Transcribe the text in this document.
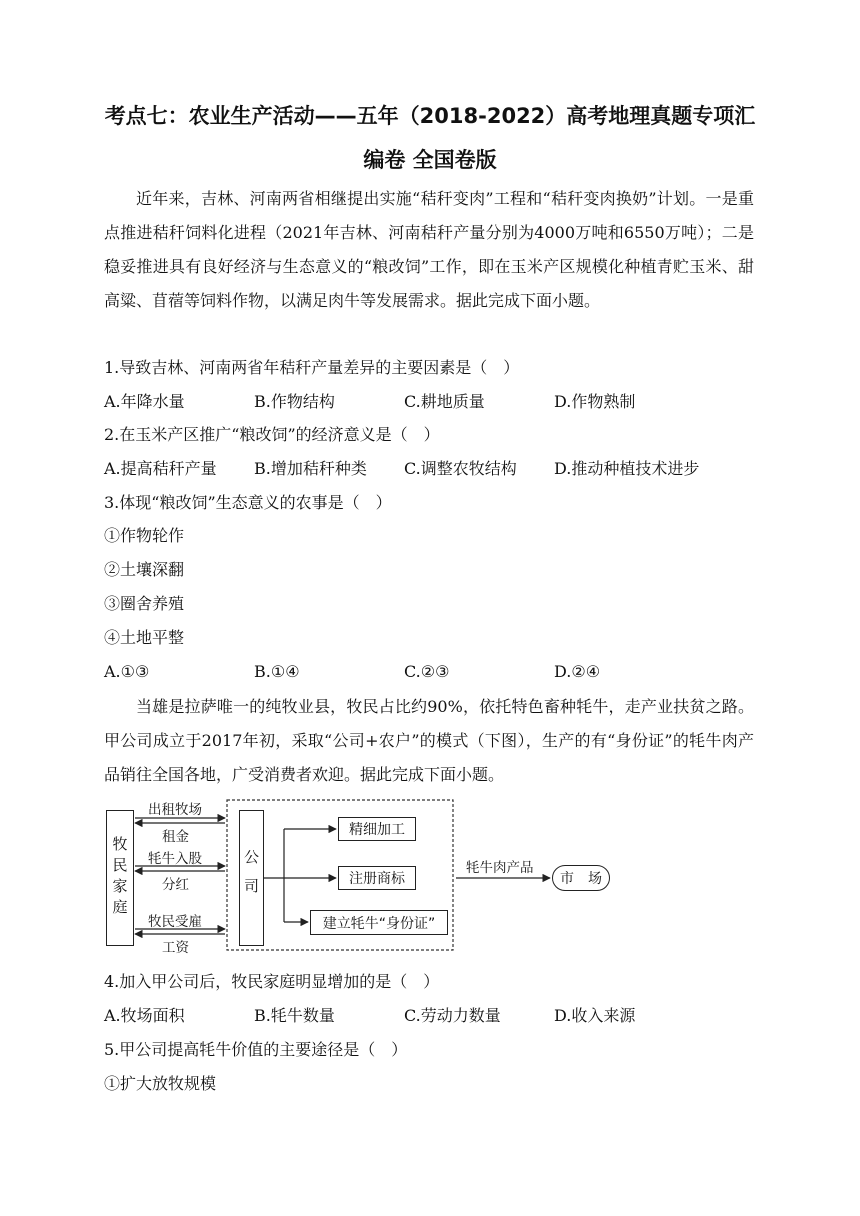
考点七：农业生产活动——五年（2018-2022）高考地理真题专项汇
编卷 全国卷版

近年来，吉林、河南两省相继提出实施“秸秆变肉”工程和“秸秆变肉换奶”计划。一是重点推进秸秆饲料化进程（2021年吉林、河南秸秆产量分别为4000万吨和6550万吨）；二是稳妥推进具有良好经济与生态意义的“粮改饲”工作，即在玉米产区规模化种植青贮玉米、甜高粱、苜蓿等饲料作物，以满足肉牛等发展需求。据此完成下面小题。

1.导致吉林、河南两省年秸秆产量差异的主要因素是（　）
A.年降水量	B.作物结构	C.耕地质量	D.作物熟制
2.在玉米产区推广“粮改饲”的经济意义是（　）
A.提高秸秆产量 B.增加秸秆种类 C.调整农牧结构 D.推动种植技术进步
3.体现“粮改饲”生态意义的农事是（　）
①作物轮作
②土壤深翻
③圈舍养殖
④土地平整
A.①③	B.①④	C.②③	D.②④

当雄是拉萨唯一的纯牧业县，牧民占比约90%，依托特色畜种牦牛，走产业扶贫之路。甲公司成立于2017年初，采取“公司+农户”的模式（下图），生产的有“身份证”的牦牛肉产品销往全国各地，广受消费者欢迎。据此完成下面小题。

牧民家庭	公司
出租牧场
租金
牦牛入股
分红
牧民受雇
工资
精细加工
注册商标
建立牦牛“身份证”
牦牛肉产品
市　场
4.加入甲公司后，牧民家庭明显增加的是（　）
A.牧场面积	B.牦牛数量	C.劳动力数量	D.收入来源
5.甲公司提高牦牛价值的主要途径是（　）
①扩大放牧规模
